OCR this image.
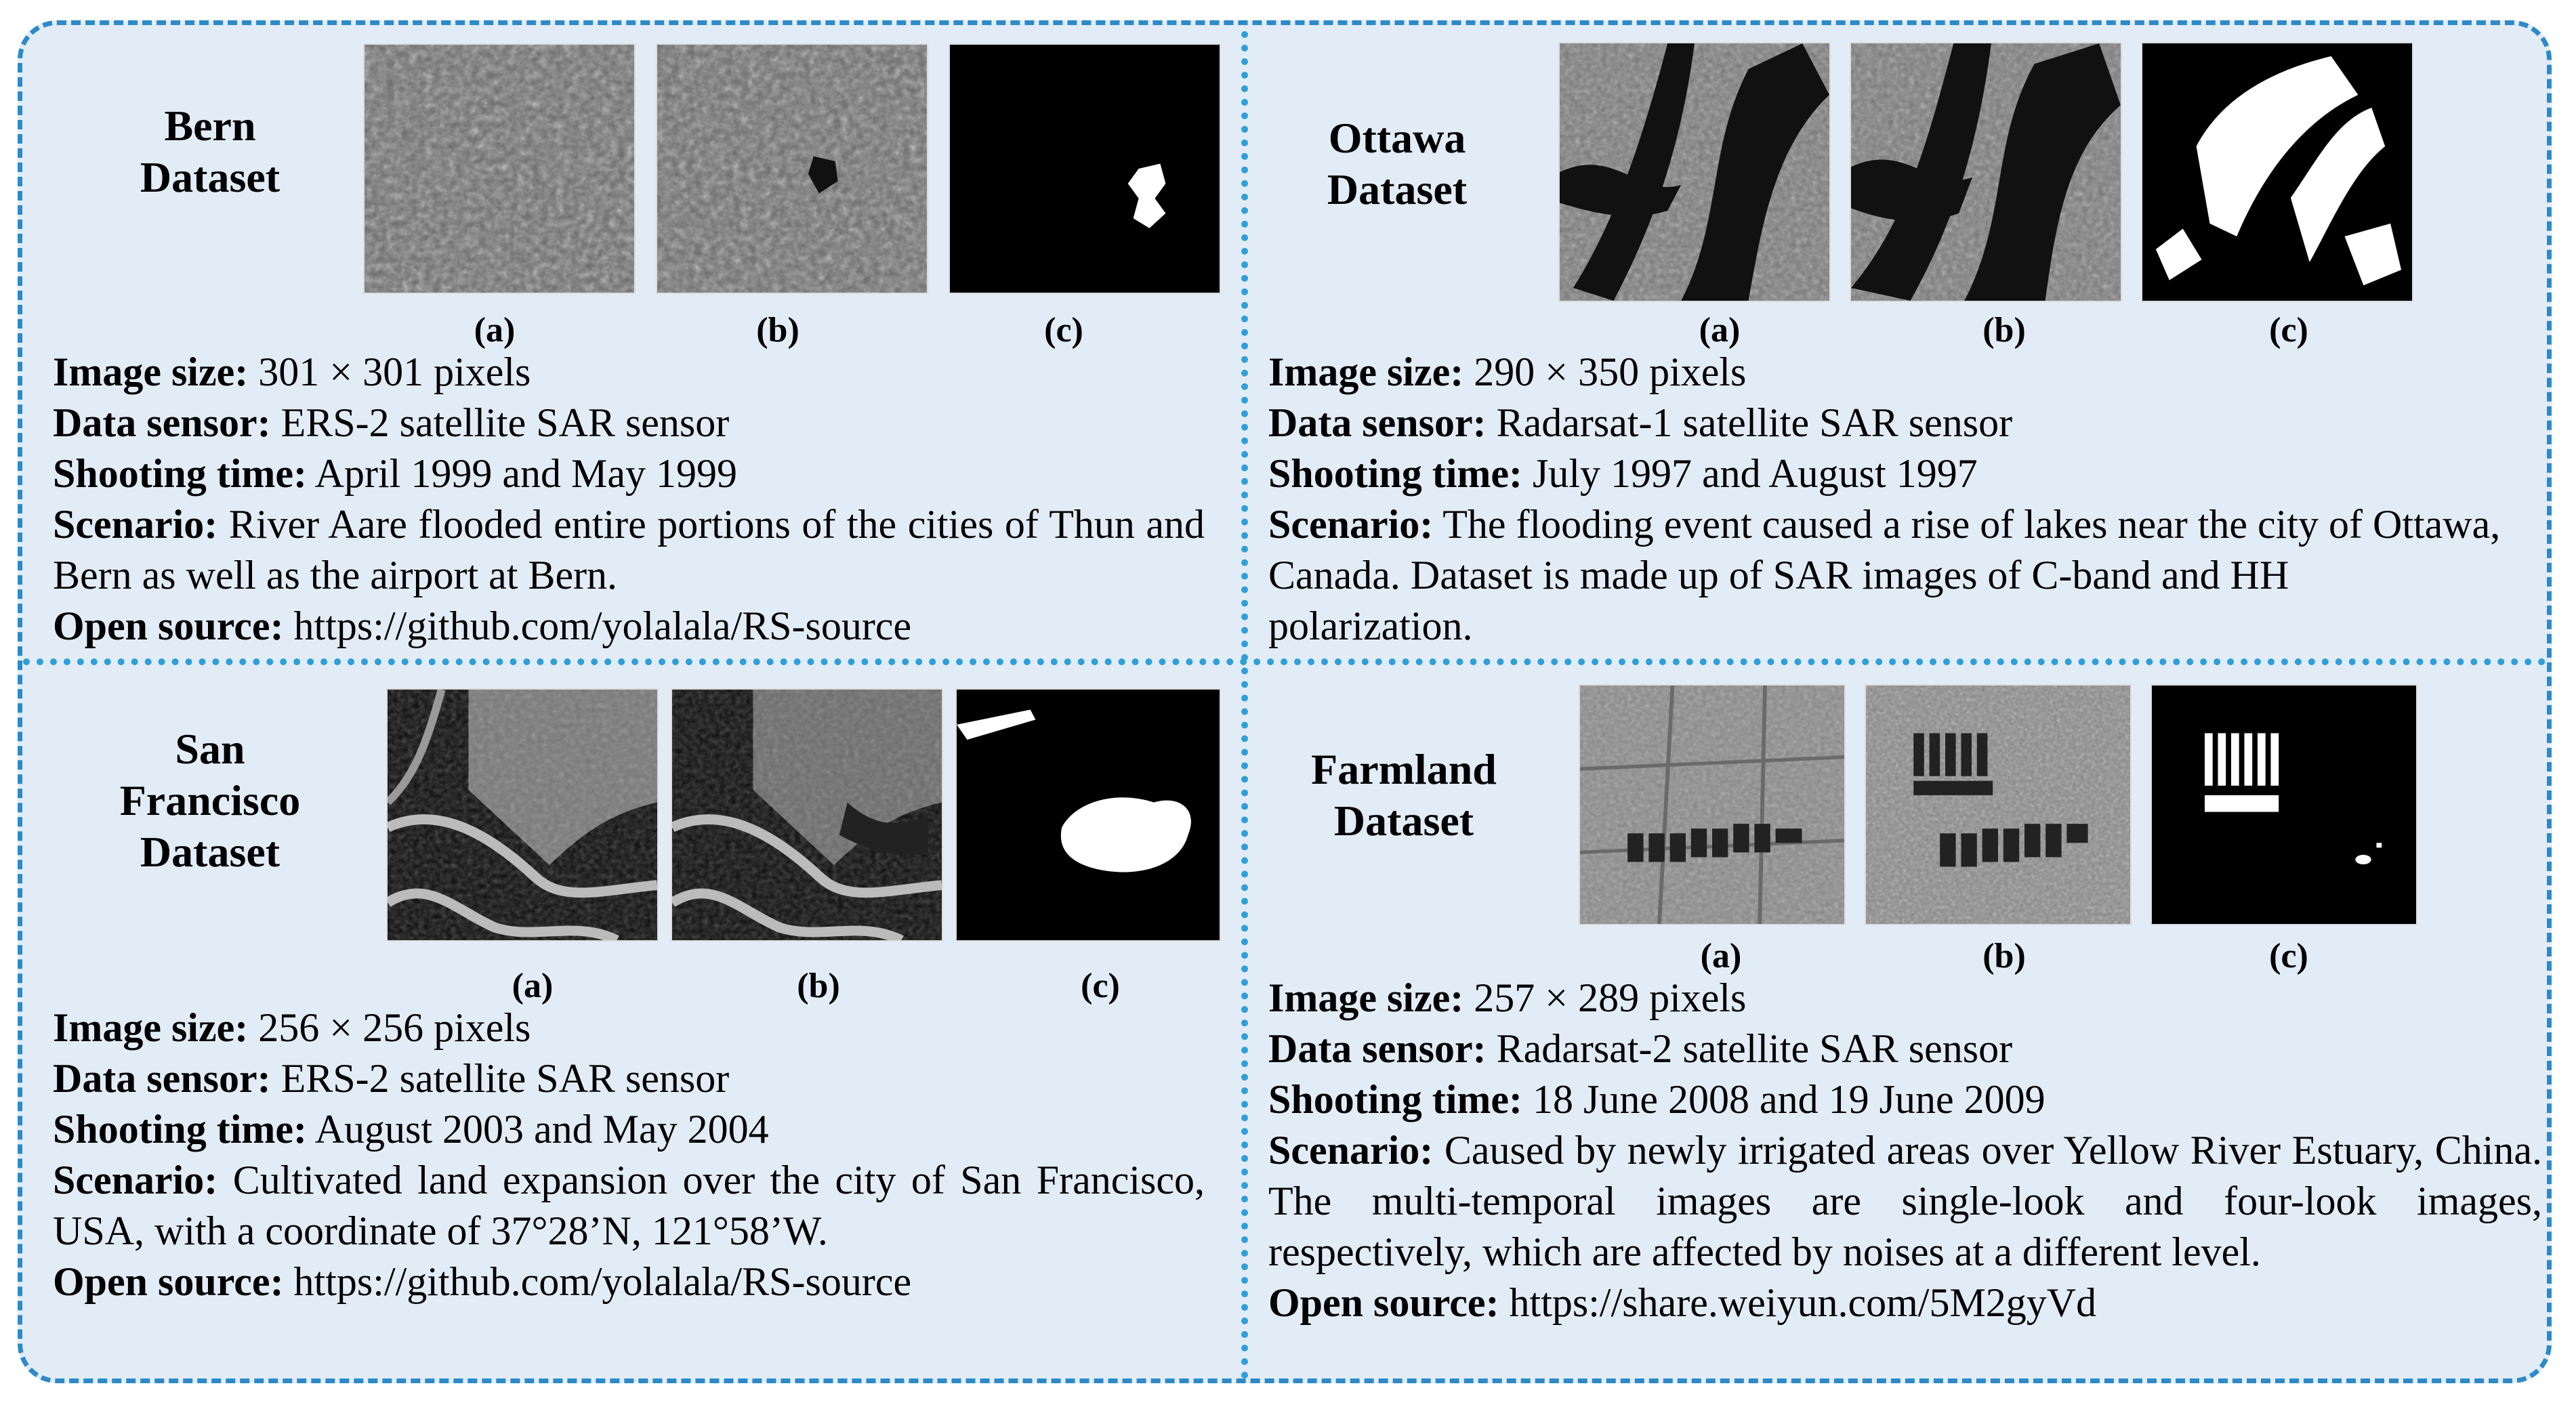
Bern
Dataset
(a)	(b)	(c)
Image size: 301 × 301 pixels
Data sensor: ERS-2 satellite SAR sensor
Shooting time: April 1999 and May 1999
Scenario: River Aare flooded entire portions of the cities of Thun and Bern as well as the airport at Bern.
Open source: https://github.com/yolalala/RS-source
Ottawa
Dataset
(a)	(b)	(c)
Image size: 290 × 350 pixels
Data sensor: Radarsat-1 satellite SAR sensor
Shooting time: July 1997 and August 1997
Scenario: The flooding event caused a rise of lakes near the city of Ottawa, Canada. Dataset is made up of SAR images of C-band and HH polarization.
San
Francisco
Dataset
(a)	(b)	(c)
Image size: 256 × 256 pixels
Data sensor: ERS-2 satellite SAR sensor
Shooting time: August 2003 and May 2004
Scenario: Cultivated land expansion over the city of San Francisco, USA, with a coordinate of 37°28’N, 121°58’W.
Open source: https://github.com/yolalala/RS-source
Farmland
Dataset
(a)	(b)	(c)
Image size: 257 × 289 pixels
Data sensor: Radarsat-2 satellite SAR sensor
Shooting time: 18 June 2008 and 19 June 2009
Scenario: Caused by newly irrigated areas over Yellow River Estuary, China. The multi-temporal images are single-look and four-look images, respectively, which are affected by noises at a different level.
Open source: https://share.weiyun.com/5M2gyVd
